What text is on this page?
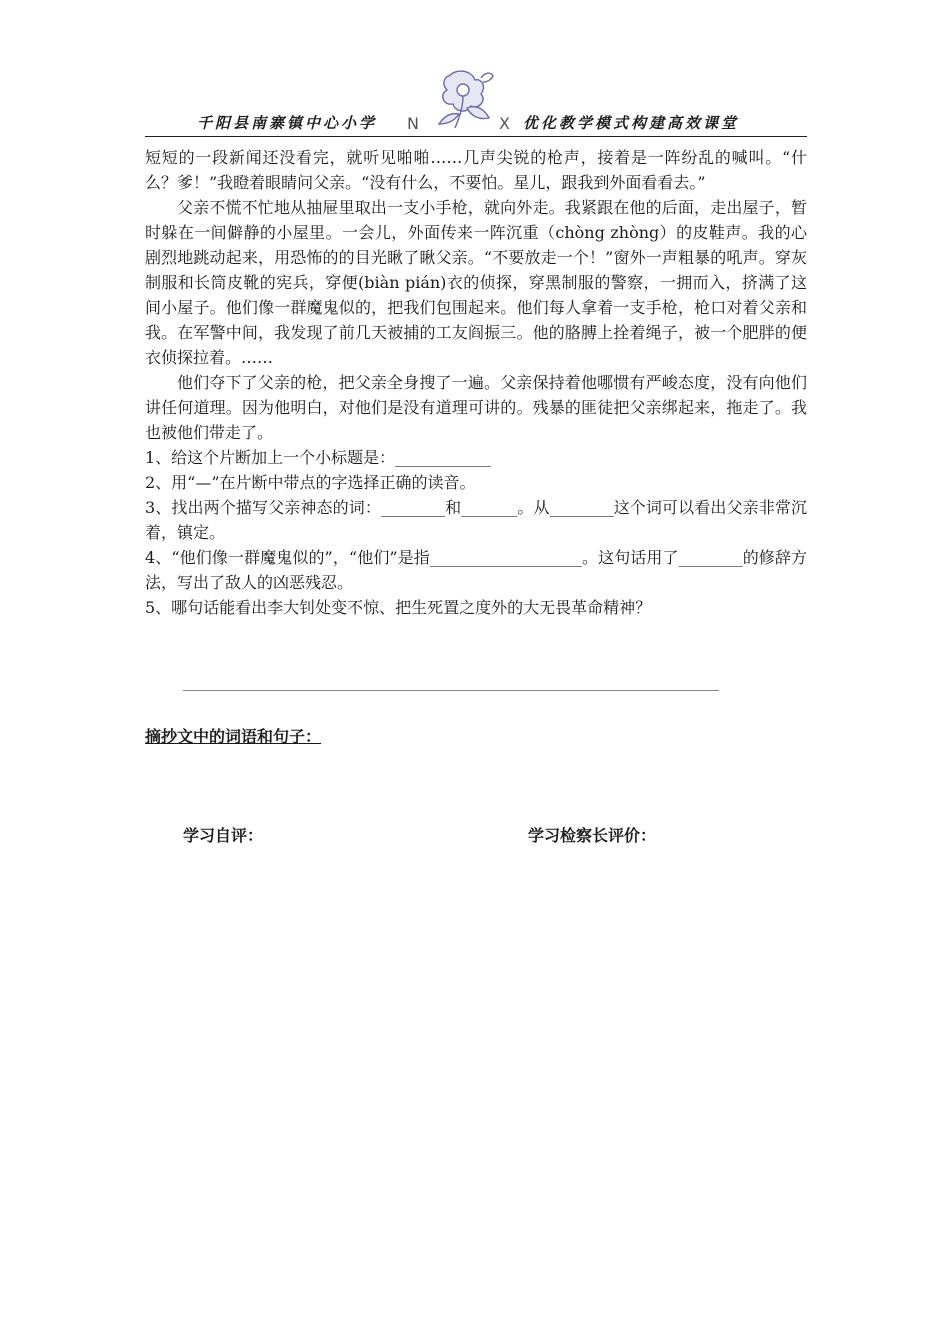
千阳县南寨镇中心小学 N	X 优化教学模式构建高效课堂

短短的一段新闻还没看完，就听见啪啪……几声尖锐的枪声，接着是一阵纷乱的喊叫。“什么？爹！”我瞪着眼睛问父亲。“没有什么，不要怕。星儿，跟我到外面看看去。”

父亲不慌不忙地从抽屉里取出一支小手枪，就向外走。我紧跟在他的后面，走出屋子，暂时躲在一间僻静的小屋里。一会儿，外面传来一阵沉重（chòng zhòng）的皮鞋声。我的心剧烈地跳动起来，用恐怖的的目光瞅了瞅父亲。“不要放走一个！”窗外一声粗暴的吼声。穿灰制服和长筒皮靴的宪兵，穿便(biàn pián)衣的侦探，穿黑制服的警察，一拥而入，挤满了这间小屋子。他们像一群魔鬼似的，把我们包围起来。他们每人拿着一支手枪，枪口对着父亲和我。在军警中间，我发现了前几天被捕的工友阎振三。他的胳膊上拴着绳子，被一个肥胖的便衣侦探拉着。……

他们夺下了父亲的枪，把父亲全身搜了一遍。父亲保持着他哪惯有严峻态度，没有向他们讲任何道理。因为他明白，对他们是没有道理可讲的。残暴的匪徒把父亲绑起来，拖走了。我也被他们带走了。

1、给这个片断加上一个小标题是：____________

2、用“—”在片断中带点的字选择正确的读音。

3、找出两个描写父亲神态的词：________和_______。从________这个词可以看出父亲非常沉着，镇定。

4、“他们像一群魔鬼似的”，“他们”是指___________________。这句话用了________的修辞方法，写出了敌人的凶恶残忍。

5、哪句话能看出李大钊处变不惊、把生死置之度外的大无畏革命精神？

摘抄文中的词语和句子：
学习自评：	学习检察长评价：
